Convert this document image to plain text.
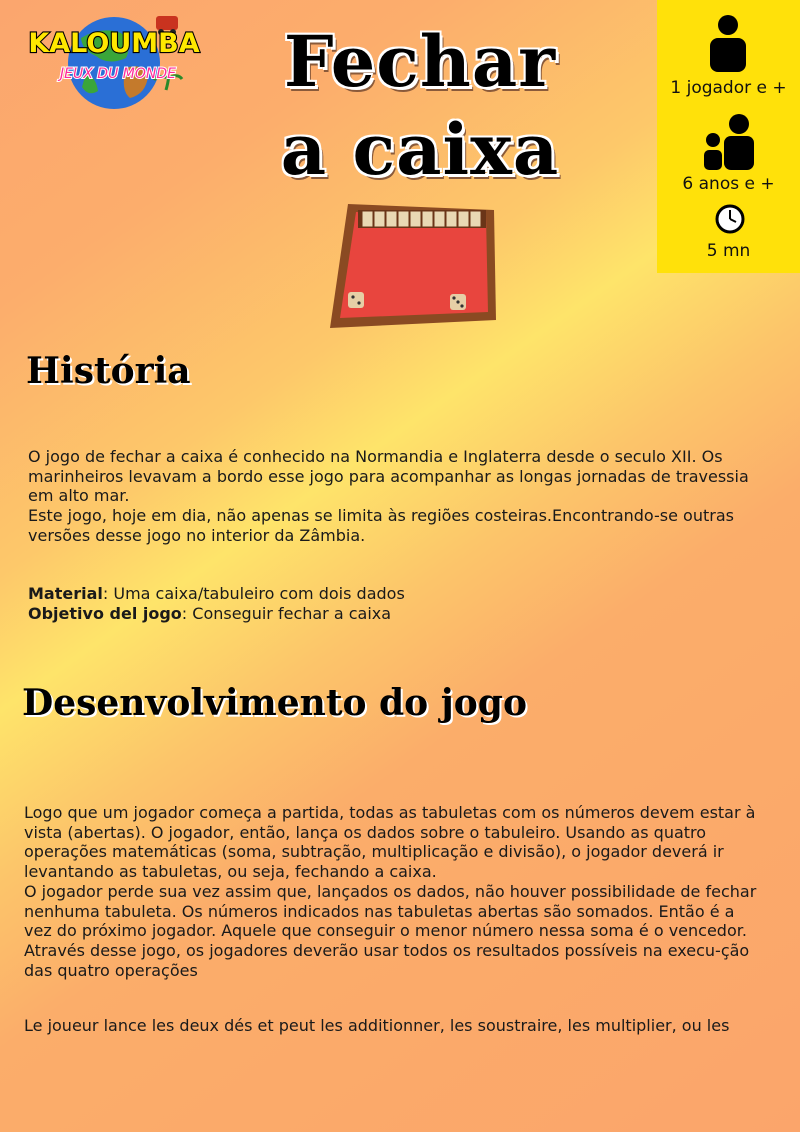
KALOUMBA
JEUX DU MONDE	Fechar
a caixa
1 jogador e +
6 anos e +
5 mn
História

O jogo de fechar a caixa é conhecido na Normandia e Inglaterra desde o seculo XII. Os marinheiros levavam a bordo esse jogo para acompanhar as longas jornadas de travessia em alto mar.

Este jogo, hoje em dia, não apenas se limita às regiões costeiras.Encontrando-se outras versões desse jogo no interior da Zâmbia.

Material: Uma caixa/tabuleiro com dois dados

Objetivo del jogo: Conseguir fechar a caixa

Desenvolvimento do jogo

Logo que um jogador começa a partida, todas as tabuletas com os números devem estar à vista (abertas). O jogador, então, lança os dados sobre o tabuleiro. Usando as quatro operações matemáticas (soma, subtração, multiplicação e divisão), o jogador deverá ir levantando as tabuletas, ou seja, fechando a caixa.

O jogador perde sua vez assim que, lançados os dados, não houver possibilidade de fechar nenhuma tabuleta. Os números indicados nas tabuletas abertas são somados. Então é a vez do próximo jogador. Aquele que conseguir o menor número nessa soma é o vencedor.

Através desse jogo, os jogadores deverão usar todos os resultados possíveis na execu-ção das quatro operações

Le joueur lance les deux dés et peut les additionner, les soustraire, les multiplier, ou les
